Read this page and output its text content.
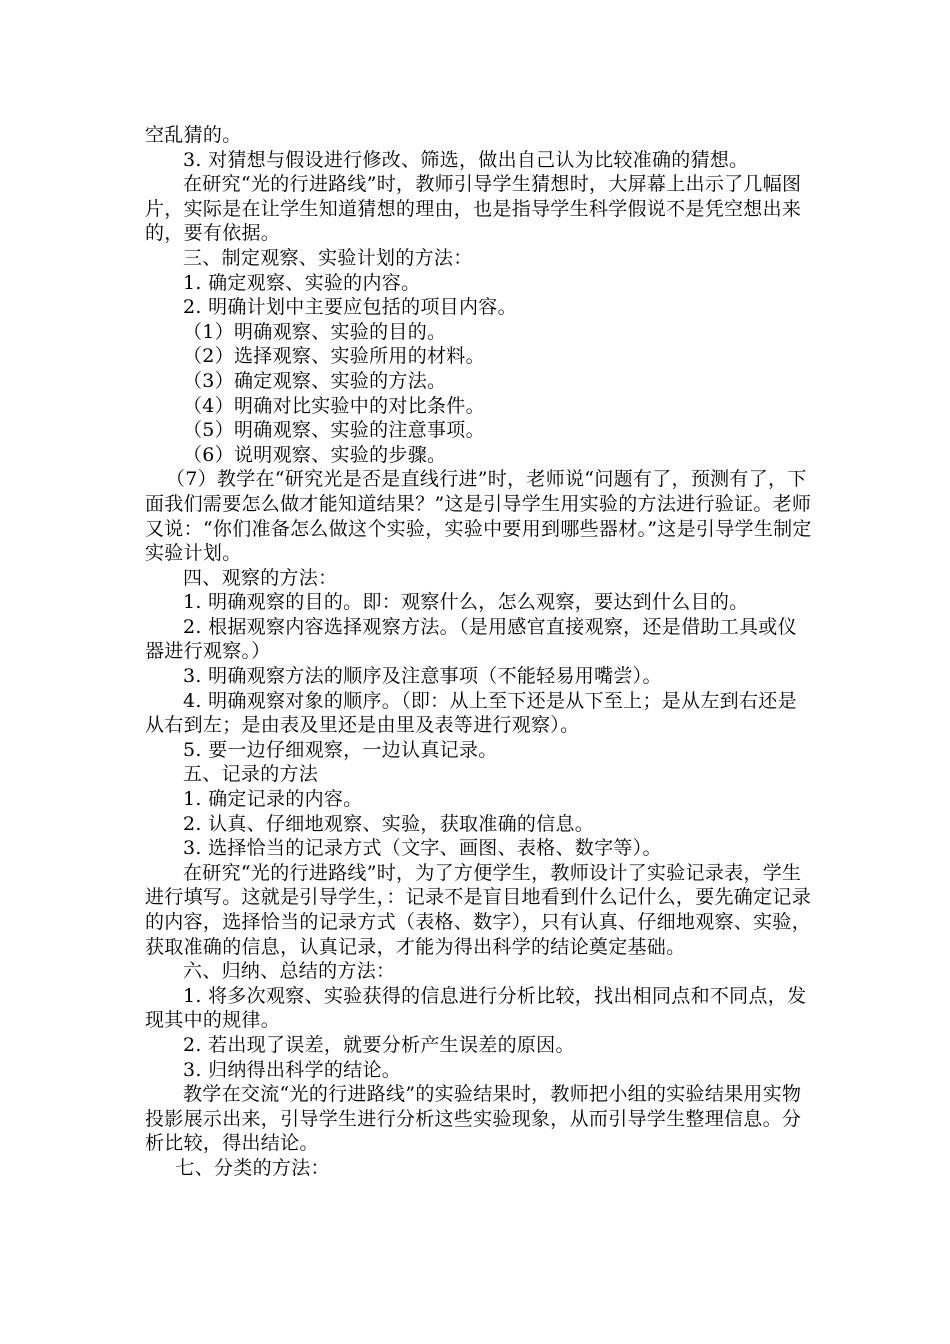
空乱猜的。

3. 对猜想与假设进行修改、筛选，做出自己认为比较准确的猜想。

在研究“光的行进路线”时，教师引导学生猜想时，大屏幕上出示了几幅图片，实际是在让学生知道猜想的理由，也是指导学生科学假说不是凭空想出来的，要有依据。

三、制定观察、实验计划的方法：

1. 确定观察、实验的内容。

2. 明确计划中主要应包括的项目内容。

（1）明确观察、实验的目的。

（2）选择观察、实验所用的材料。

（3）确定观察、实验的方法。

（4）明确对比实验中的对比条件。

（5）明确观察、实验的注意事项。

（6）说明观察、实验的步骤。

（7）教学在“研究光是否是直线行进”时，老师说“问题有了，预测有了，下面我们需要怎么做才能知道结果？”这是引导学生用实验的方法进行验证。老师又说：“你们准备怎么做这个实验，实验中要用到哪些器材。”这是引导学生制定实验计划。

四、观察的方法：

1. 明确观察的目的。即：观察什么，怎么观察，要达到什么目的。

2. 根据观察内容选择观察方法。（是用感官直接观察，还是借助工具或仪器进行观察。）

3. 明确观察方法的顺序及注意事项（不能轻易用嘴尝）。

4. 明确观察对象的顺序。（即：从上至下还是从下至上；是从左到右还是从右到左；是由表及里还是由里及表等进行观察）。

5. 要一边仔细观察，一边认真记录。

五、记录的方法

1. 确定记录的内容。

2. 认真、仔细地观察、实验，获取准确的信息。

3. 选择恰当的记录方式（文字、画图、表格、数字等）。

在研究“光的行进路线”时，为了方便学生，教师设计了实验记录表，学生进行填写。这就是引导学生，：记录不是盲目地看到什么记什么，要先确定记录的内容，选择恰当的记录方式（表格、数字），只有认真、仔细地观察、实验，获取准确的信息，认真记录，才能为得出科学的结论奠定基础。

六、归纳、总结的方法：

1. 将多次观察、实验获得的信息进行分析比较，找出相同点和不同点，发现其中的规律。

2. 若出现了误差，就要分析产生误差的原因。

3. 归纳得出科学的结论。

教学在交流“光的行进路线”的实验结果时，教师把小组的实验结果用实物投影展示出来，引导学生进行分析这些实验现象，从而引导学生整理信息。分析比较，得出结论。

七、分类的方法：
